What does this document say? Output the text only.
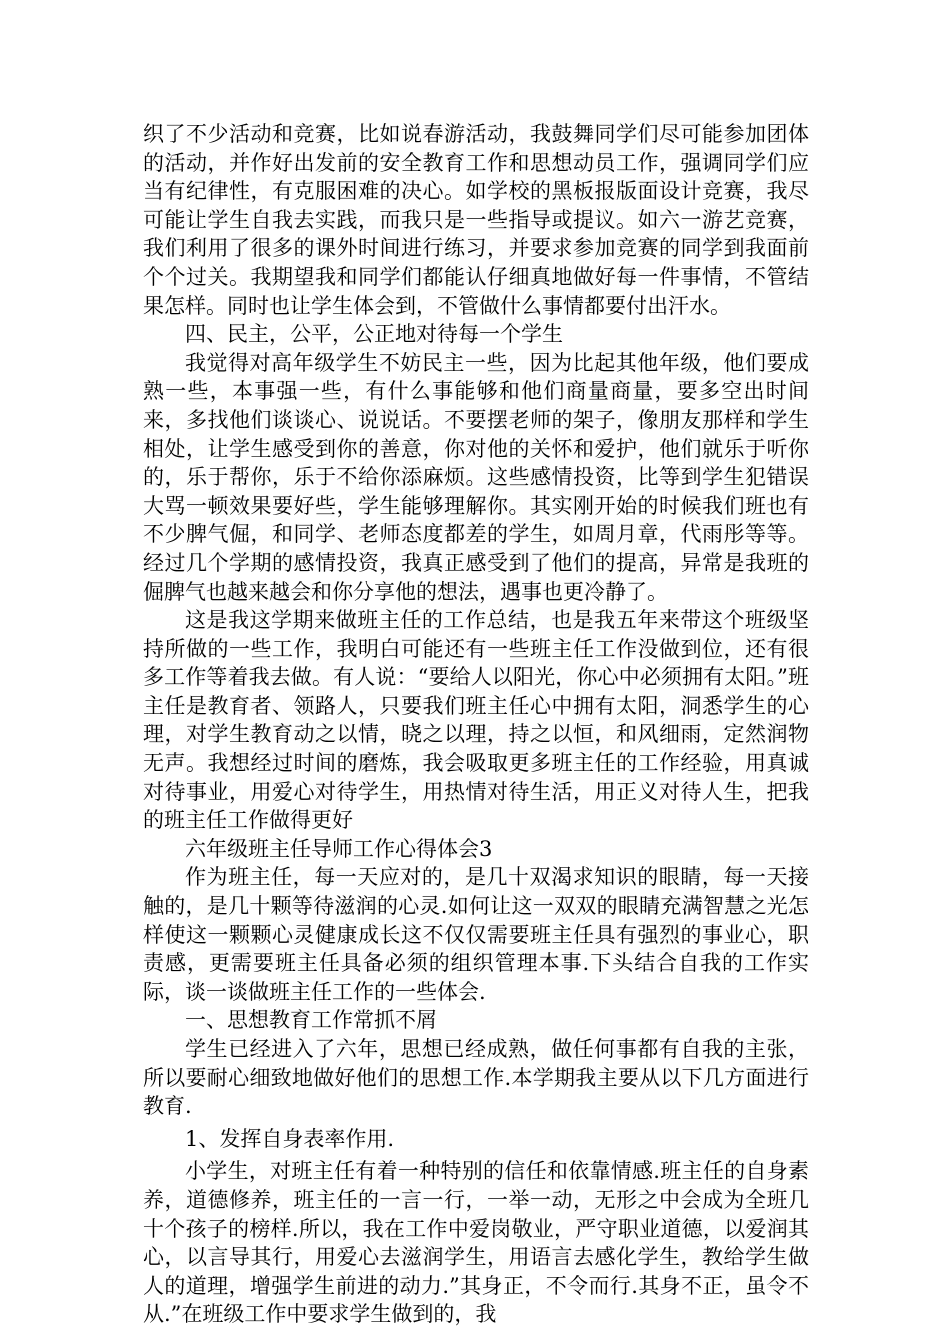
织了不少活动和竞赛，比如说春游活动，我鼓舞同学们尽可能参加团体的活动，并作好出发前的安全教育工作和思想动员工作，强调同学们应当有纪律性，有克服困难的决心。如学校的黑板报版面设计竞赛，我尽可能让学生自我去实践，而我只是一些指导或提议。如六一游艺竞赛，我们利用了很多的课外时间进行练习，并要求参加竞赛的同学到我面前个个过关。我期望我和同学们都能认仔细真地做好每一件事情，不管结果怎样。同时也让学生体会到，不管做什么事情都要付出汗水。

四、民主，公平，公正地对待每一个学生

我觉得对高年级学生不妨民主一些，因为比起其他年级，他们要成熟一些，本事强一些，有什么事能够和他们商量商量，要多空出时间来，多找他们谈谈心、说说话。不要摆老师的架子，像朋友那样和学生相处，让学生感受到你的善意，你对他的关怀和爱护，他们就乐于听你的，乐于帮你，乐于不给你添麻烦。这些感情投资，比等到学生犯错误大骂一顿效果要好些，学生能够理解你。其实刚开始的时候我们班也有不少脾气倔，和同学、老师态度都差的学生，如周月章，代雨彤等等。经过几个学期的感情投资，我真正感受到了他们的提高，异常是我班的倔脾气也越来越会和你分享他的想法，遇事也更冷静了。

这是我这学期来做班主任的工作总结，也是我五年来带这个班级坚持所做的一些工作，我明白可能还有一些班主任工作没做到位，还有很多工作等着我去做。有人说：“要给人以阳光，你心中必须拥有太阳。”班主任是教育者、领路人，只要我们班主任心中拥有太阳，洞悉学生的心理，对学生教育动之以情，晓之以理，持之以恒，和风细雨，定然润物无声。我想经过时间的磨炼，我会吸取更多班主任的工作经验，用真诚对待事业，用爱心对待学生，用热情对待生活，用正义对待人生，把我的班主任工作做得更好

六年级班主任导师工作心得体会3

作为班主任，每一天应对的，是几十双渴求知识的眼睛，每一天接触的，是几十颗等待滋润的心灵.如何让这一双双的眼睛充满智慧之光怎样使这一颗颗心灵健康成长这不仅仅需要班主任具有强烈的事业心，职责感，更需要班主任具备必须的组织管理本事.下头结合自我的工作实际，谈一谈做班主任工作的一些体会.

一、思想教育工作常抓不屑

学生已经进入了六年，思想已经成熟，做任何事都有自我的主张，所以要耐心细致地做好他们的思想工作.本学期我主要从以下几方面进行教育.

1、发挥自身表率作用.

小学生，对班主任有着一种特别的信任和依靠情感.班主任的自身素养，道德修养，班主任的一言一行，一举一动，无形之中会成为全班几十个孩子的榜样.所以，我在工作中爱岗敬业，严守职业道德，以爱润其心，以言导其行，用爱心去滋润学生，用语言去感化学生，教给学生做人的道理，增强学生前进的动力.”其身正，不令而行.其身不正，虽令不从.”在班级工作中要求学生做到的，我
